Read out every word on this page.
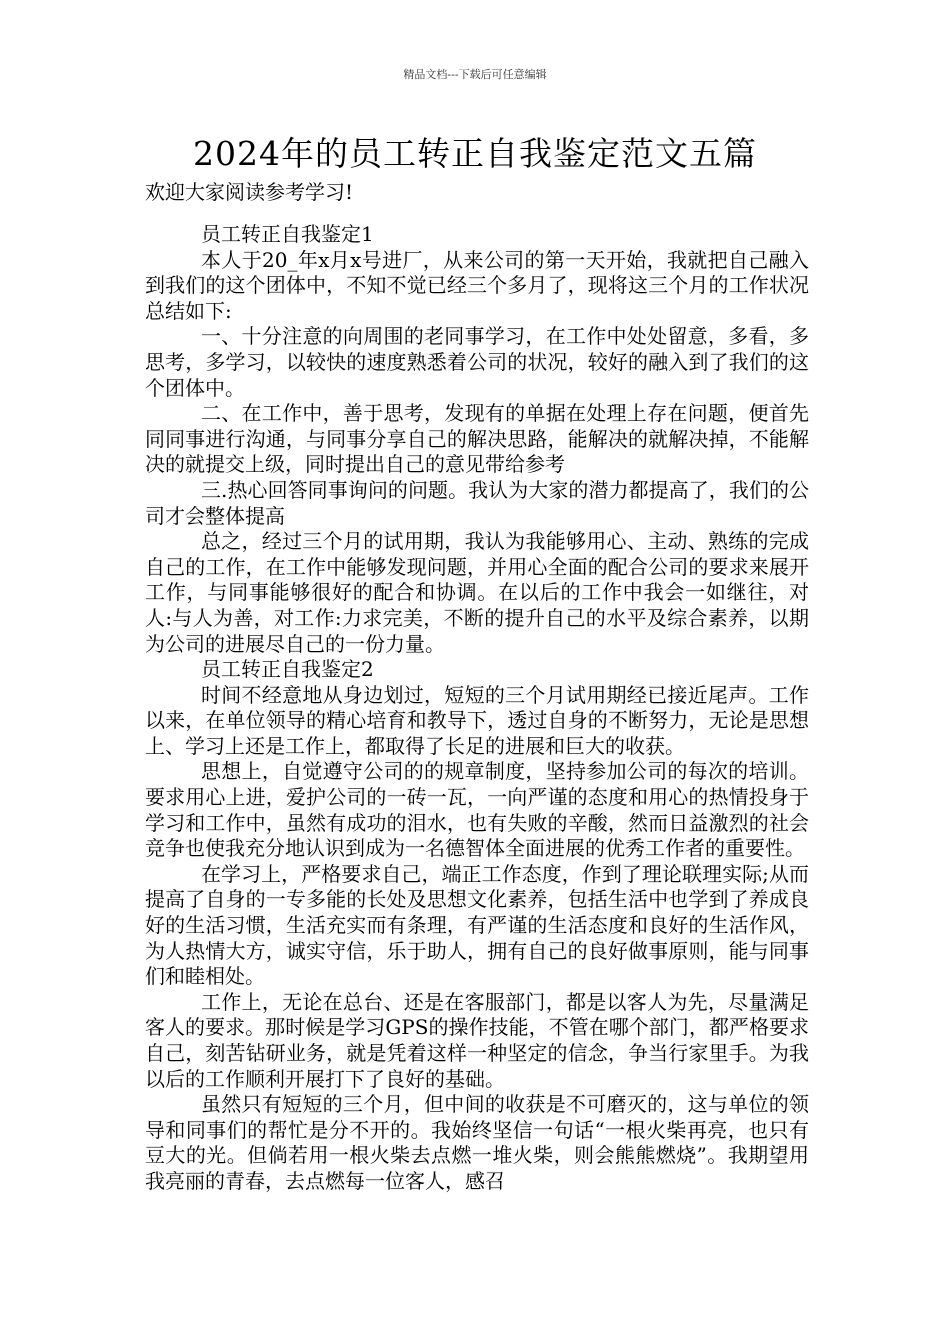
精品文档---下载后可任意编辑
2024年的员工转正自我鉴定范文五篇
欢迎大家阅读参考学习!

员工转正自我鉴定1

本人于20_年x月x号进厂，从来公司的第一天开始，我就把自己融入到我们的这个团体中，不知不觉已经三个多月了，现将这三个月的工作状况总结如下:

一、十分注意的向周围的老同事学习，在工作中处处留意，多看，多思考，多学习，以较快的速度熟悉着公司的状况，较好的融入到了我们的这个团体中。

二、在工作中，善于思考，发现有的单据在处理上存在问题，便首先同同事进行沟通，与同事分享自己的解决思路，能解决的就解决掉，不能解决的就提交上级，同时提出自己的意见带给参考

三.热心回答同事询问的问题。我认为大家的潜力都提高了，我们的公司才会整体提高

总之，经过三个月的试用期，我认为我能够用心、主动、熟练的完成自己的工作，在工作中能够发现问题，并用心全面的配合公司的要求来展开工作，与同事能够很好的配合和协调。在以后的工作中我会一如继往，对人:与人为善，对工作:力求完美，不断的提升自己的水平及综合素养，以期为公司的进展尽自己的一份力量。

员工转正自我鉴定2

时间不经意地从身边划过，短短的三个月试用期经已接近尾声。工作以来，在单位领导的精心培育和教导下，透过自身的不断努力，无论是思想上、学习上还是工作上，都取得了长足的进展和巨大的收获。

思想上，自觉遵守公司的的规章制度，坚持参加公司的每次的培训。要求用心上进，爱护公司的一砖一瓦，一向严谨的态度和用心的热情投身于学习和工作中，虽然有成功的泪水，也有失败的辛酸，然而日益激烈的社会竞争也使我充分地认识到成为一名德智体全面进展的优秀工作者的重要性。

在学习上，严格要求自己，端正工作态度，作到了理论联理实际;从而提高了自身的一专多能的长处及思想文化素养，包括生活中也学到了养成良好的生活习惯，生活充实而有条理，有严谨的生活态度和良好的生活作风，为人热情大方，诚实守信，乐于助人，拥有自己的良好做事原则，能与同事们和睦相处。

工作上，无论在总台、还是在客服部门，都是以客人为先，尽量满足客人的要求。那时候是学习GPS的操作技能，不管在哪个部门，都严格要求自己，刻苦钻研业务，就是凭着这样一种坚定的信念，争当行家里手。为我以后的工作顺利开展打下了良好的基础。

虽然只有短短的三个月，但中间的收获是不可磨灭的，这与单位的领导和同事们的帮忙是分不开的。我始终坚信一句话“一根火柴再亮，也只有豆大的光。但倘若用一根火柴去点燃一堆火柴，则会熊熊燃烧”。我期望用我亮丽的青春，去点燃每一位客人，感召
